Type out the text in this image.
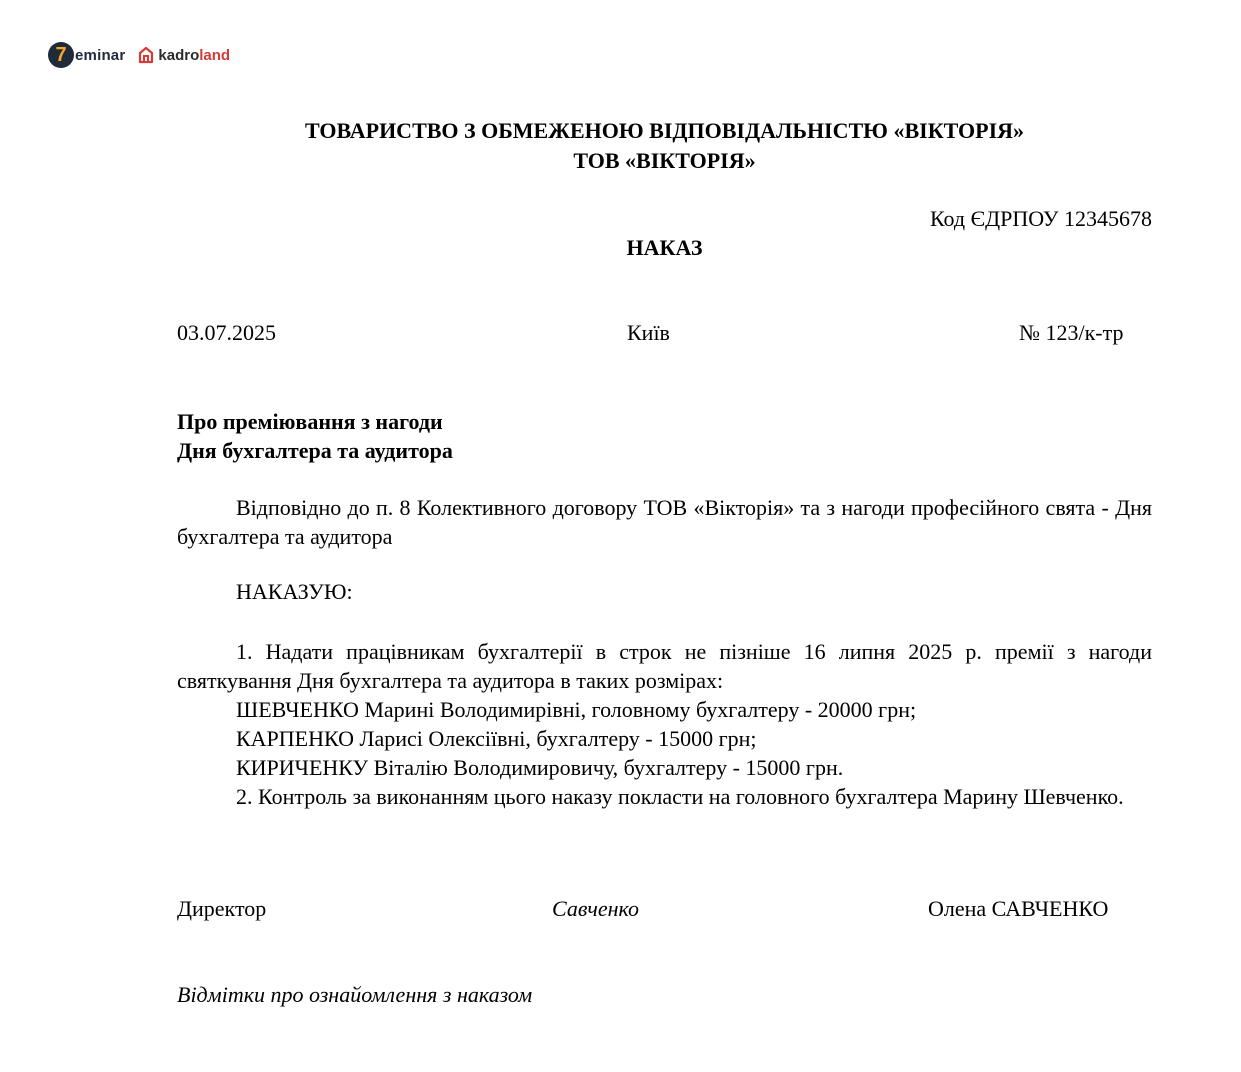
7 eminar kadroland
ТОВАРИСТВО З ОБМЕЖЕНОЮ ВІДПОВІДАЛЬНІСТЮ «ВІКТОРІЯ»
ТОВ «ВІКТОРІЯ»
Код ЄДРПОУ 12345678
НАКАЗ
03.07.2025	Київ	№ 123/к-тр
Про преміювання з нагоди
Дня бухгалтера та аудитора

Відповідно до п. 8 Колективного договору ТОВ «Вікторія» та з нагоди професійного свята - Дня бухгалтера та аудитора

НАКАЗУЮ:

1. Надати працівникам бухгалтерії в строк не пізніше 16 липня 2025 р. премії з нагоди святкування Дня бухгалтера та аудитора в таких розмірах:

ШЕВЧЕНКО Марині Володимирівні, головному бухгалтеру - 20000 грн;
КАРПЕНКО Ларисі Олексіївні, бухгалтеру - 15000 грн;
КИРИЧЕНКУ Віталію Володимировичу, бухгалтеру - 15000 грн.

2. Контроль за виконанням цього наказу покласти на головного бухгалтера Марину Шевченко.

Директор	Савченко	Олена САВЧЕНКО
Відмітки про ознайомлення з наказом
